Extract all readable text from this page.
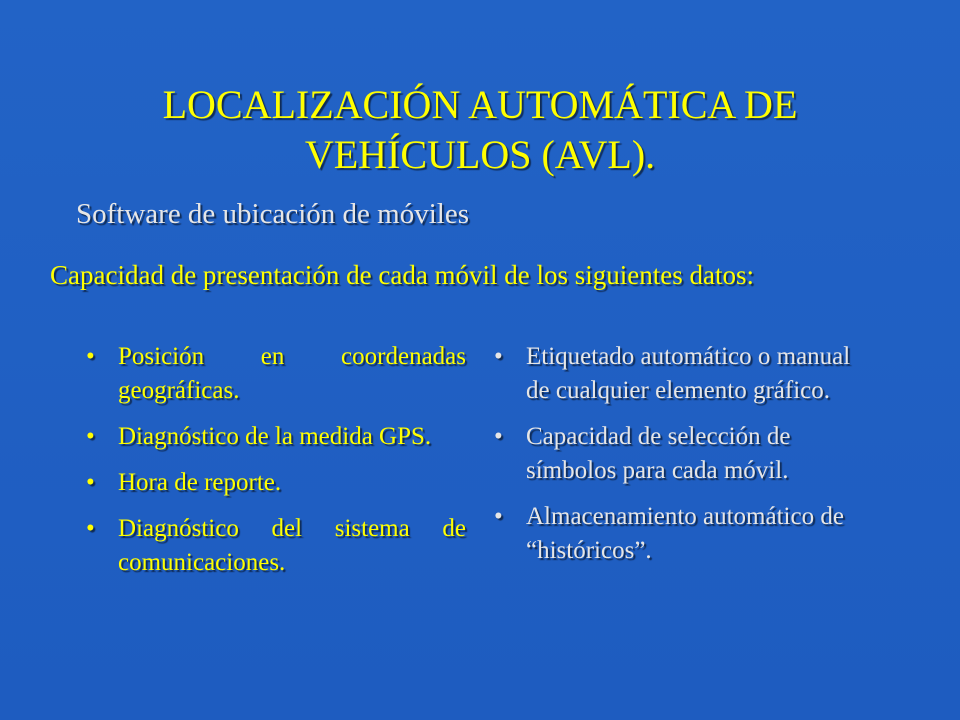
LOCALIZACIÓN AUTOMÁTICA DE
VEHÍCULOS (AVL).
Software de ubicación de móviles

Capacidad de presentación de cada móvil de los siguientes datos:

• Posición en coordenadas geográficas.
• Diagnóstico de la medida GPS.
• Hora de reporte.
• Diagnóstico del sistema de comunicaciones.
• Etiquetado automático o manual de cualquier elemento gráfico.
• Capacidad de selección de símbolos para cada móvil.
• Almacenamiento automático de “históricos”.
